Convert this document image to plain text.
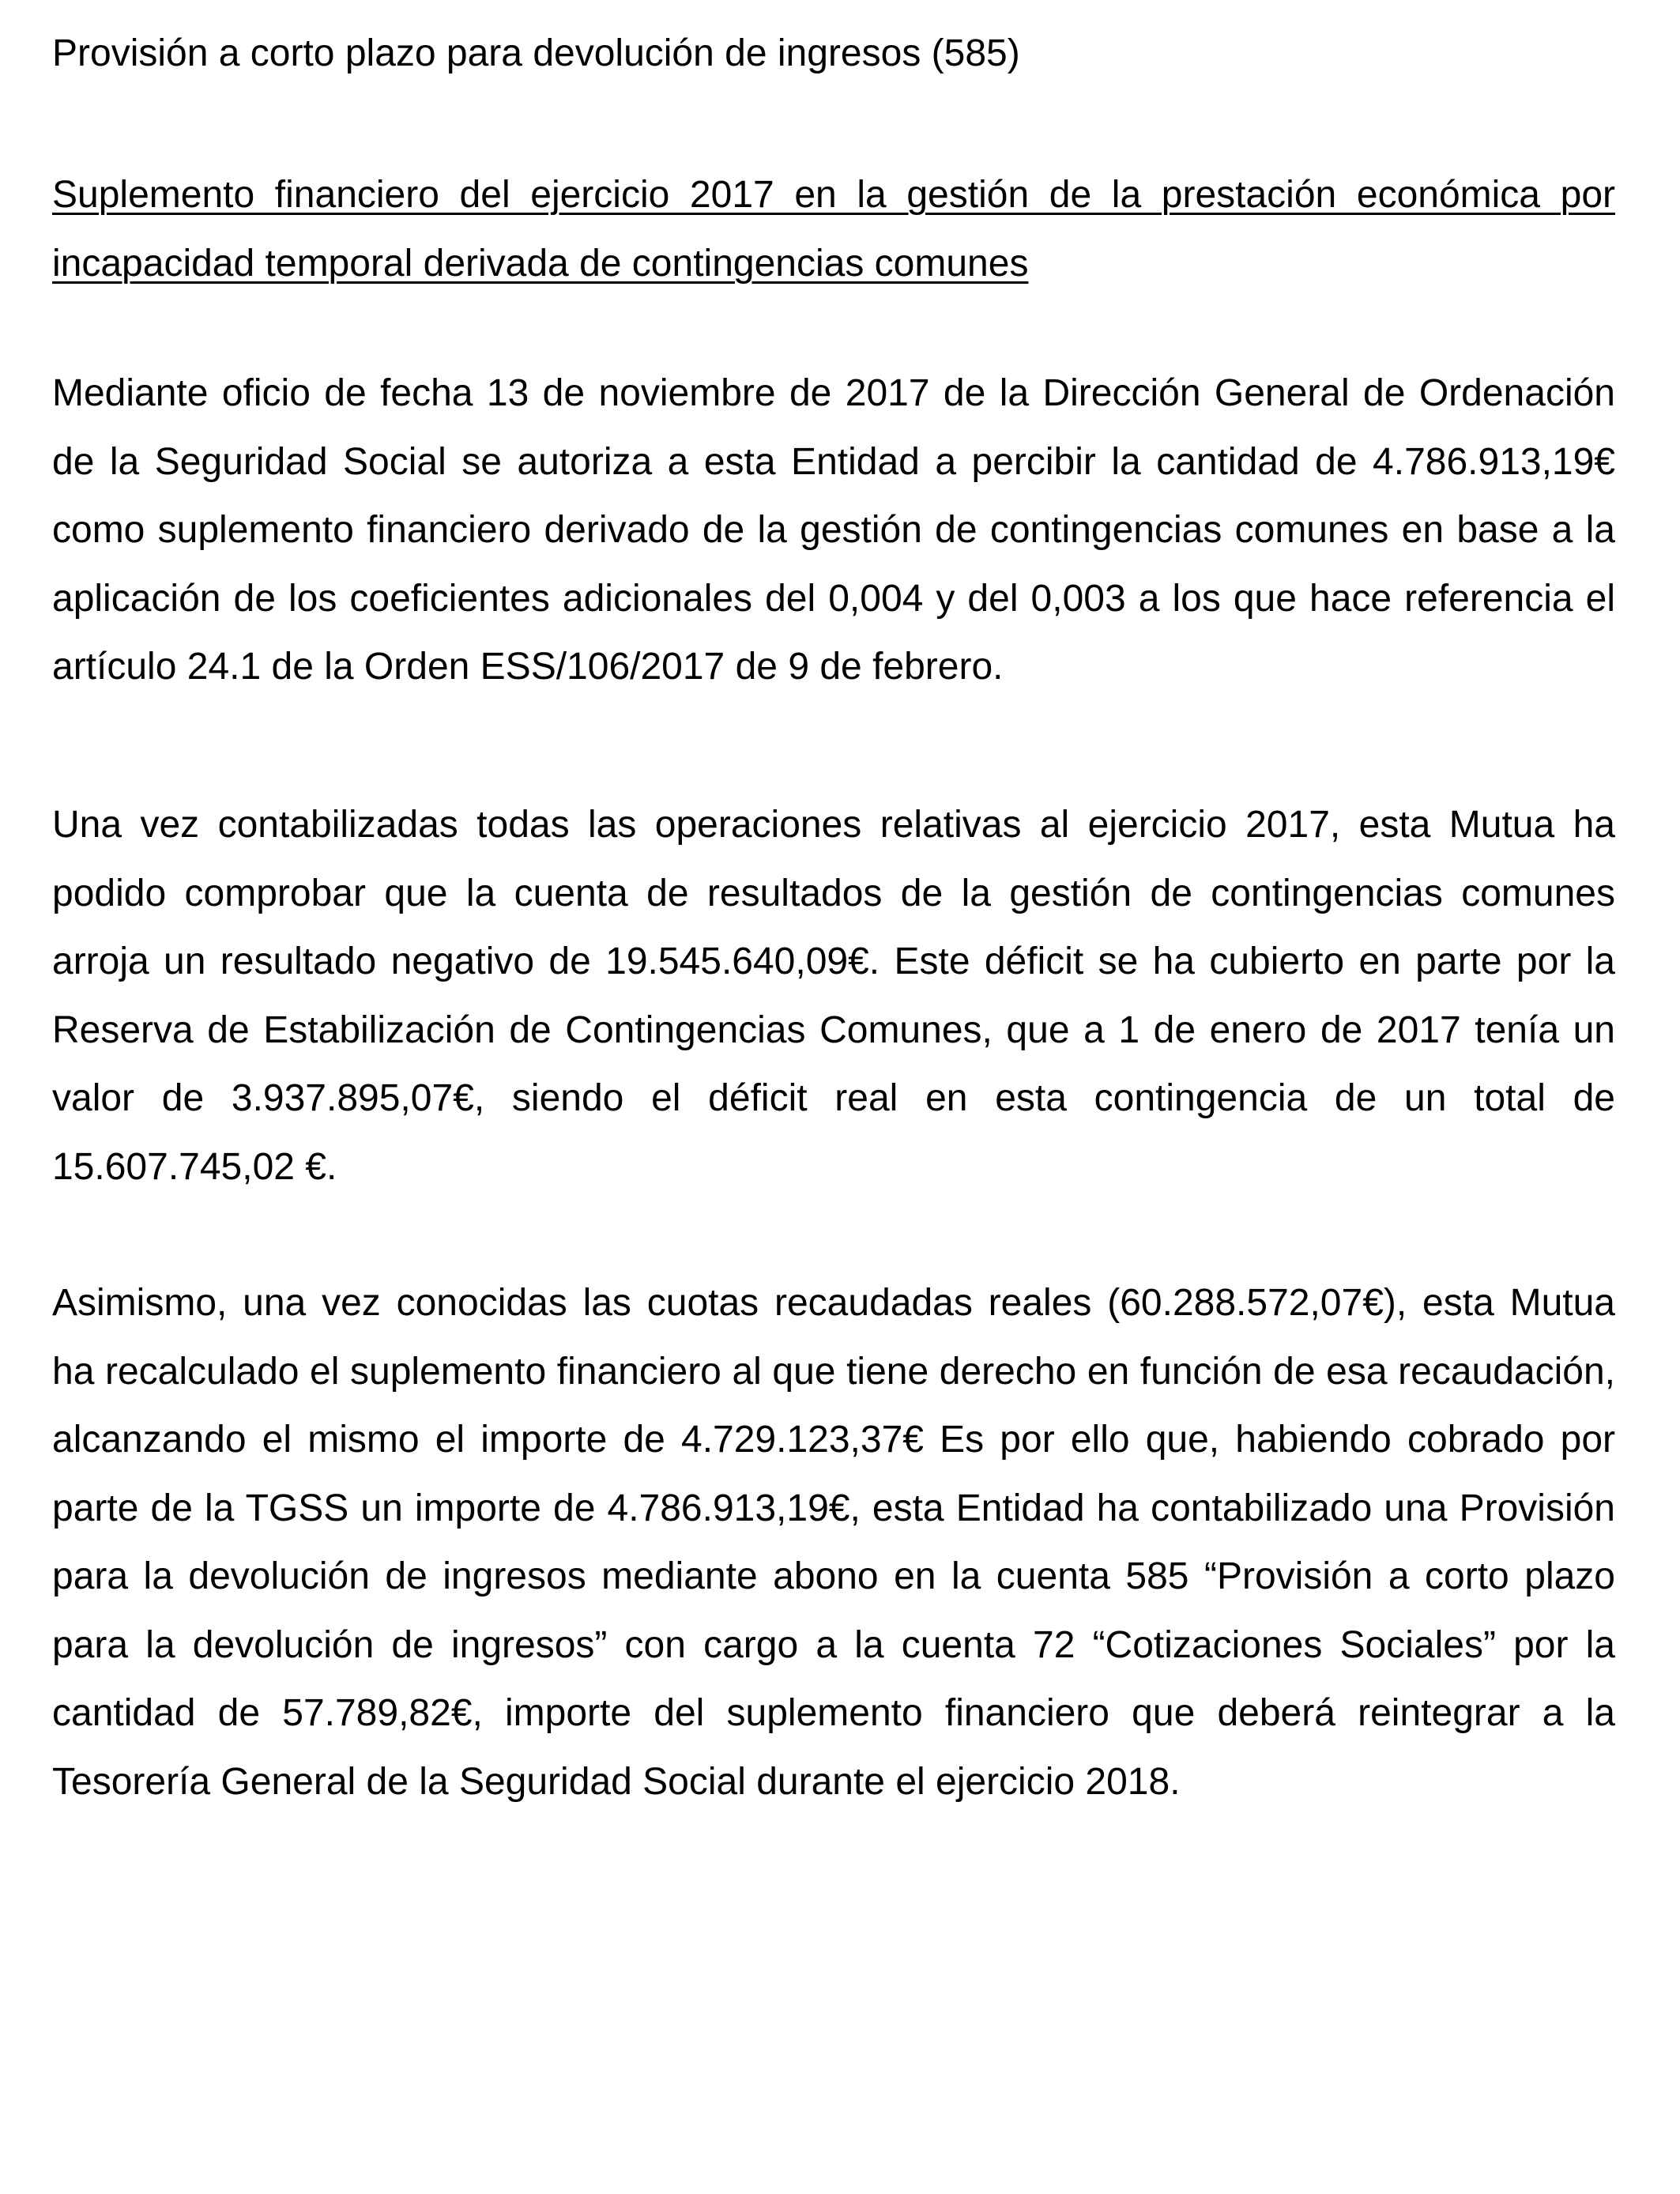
Provisión a corto plazo para devolución de ingresos (585)
Suplemento financiero del ejercicio 2017 en la gestión de la prestación económica por incapacidad temporal derivada de contingencias comunes

Mediante oficio de fecha 13 de noviembre de 2017 de la Dirección General de Ordenación de la Seguridad Social se autoriza a esta Entidad a percibir la cantidad de 4.786.913,19€ como suplemento financiero derivado de la gestión de contingencias comunes en base a la aplicación de los coeficientes adicionales del 0,004 y del 0,003 a los que hace referencia el artículo 24.1 de la Orden ESS/106/2017 de 9 de febrero.

Una vez contabilizadas todas las operaciones relativas al ejercicio 2017, esta Mutua ha podido comprobar que la cuenta de resultados de la gestión de contingencias comunes arroja un resultado negativo de 19.545.640,09€. Este déficit se ha cubierto en parte por la Reserva de Estabilización de Contingencias Comunes, que a 1 de enero de 2017 tenía un valor de 3.937.895,07€, siendo el déficit real en esta contingencia de un total de 15.607.745,02 €.

Asimismo, una vez conocidas las cuotas recaudadas reales (60.288.572,07€), esta Mutua ha recalculado el suplemento financiero al que tiene derecho en función de esa recaudación, alcanzando el mismo el importe de 4.729.123,37€ Es por ello que, habiendo cobrado por parte de la TGSS un importe de 4.786.913,19€, esta Entidad ha contabilizado una Provisión para la devolución de ingresos mediante abono en la cuenta 585 “Provisión a corto plazo para la devolución de ingresos” con cargo a la cuenta 72 “Cotizaciones Sociales” por la cantidad de 57.789,82€, importe del suplemento financiero que deberá reintegrar a la Tesorería General de la Seguridad Social durante el ejercicio 2018.
